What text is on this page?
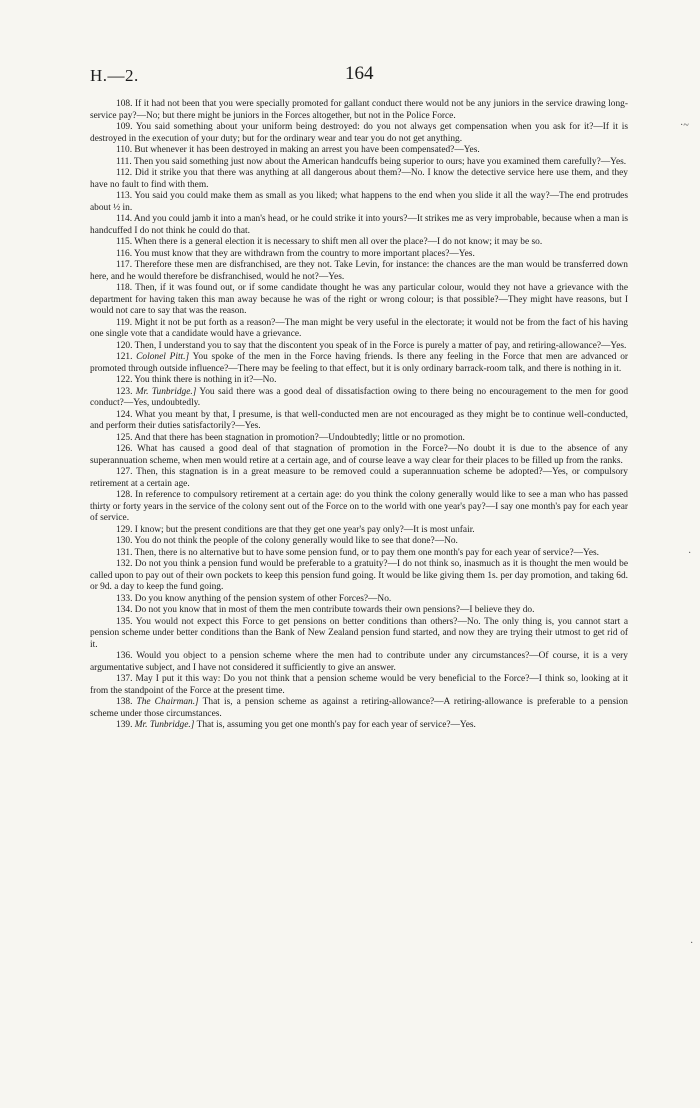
H.—2.	164

108. If it had not been that you were specially promoted for gallant conduct there would not be any juniors in the service drawing long-service pay?—No; but there might be juniors in the Forces altogether, but not in the Police Force.

109. You said something about your uniform being destroyed: do you not always get compensation when you ask for it?—If it is destroyed in the execution of your duty; but for the ordinary wear and tear you do not get anything.

110. But whenever it has been destroyed in making an arrest you have been compensated?—Yes.

111. Then you said something just now about the American handcuffs being superior to ours; have you examined them carefully?—Yes.

112. Did it strike you that there was anything at all dangerous about them?—No. I know the detective service here use them, and they have no fault to find with them.

113. You said you could make them as small as you liked; what happens to the end when you slide it all the way?—The end protrudes about ½ in.

114. And you could jamb it into a man's head, or he could strike it into yours?—It strikes me as very improbable, because when a man is handcuffed I do not think he could do that.

115. When there is a general election it is necessary to shift men all over the place?—I do not know; it may be so.

116. You must know that they are withdrawn from the country to more important places?—Yes.

117. Therefore these men are disfranchised, are they not. Take Levin, for instance: the chances are the man would be transferred down here, and he would therefore be disfranchised, would he not?—Yes.

118. Then, if it was found out, or if some candidate thought he was any particular colour, would they not have a grievance with the department for having taken this man away because he was of the right or wrong colour; is that possible?—They might have reasons, but I would not care to say that was the reason.

119. Might it not be put forth as a reason?—The man might be very useful in the electorate; it would not be from the fact of his having one single vote that a candidate would have a grievance.

120. Then, I understand you to say that the discontent you speak of in the Force is purely a matter of pay, and retiring-allowance?—Yes.

121. Colonel Pitt.] You spoke of the men in the Force having friends. Is there any feeling in the Force that men are advanced or promoted through outside influence?—There may be feeling to that effect, but it is only ordinary barrack-room talk, and there is nothing in it.

122. You think there is nothing in it?—No.

123. Mr. Tunbridge.] You said there was a good deal of dissatisfaction owing to there being no encouragement to the men for good conduct?—Yes, undoubtedly.

124. What you meant by that, I presume, is that well-conducted men are not encouraged as they might be to continue well-conducted, and perform their duties satisfactorily?—Yes.

125. And that there has been stagnation in promotion?—Undoubtedly; little or no promotion.

126. What has caused a good deal of that stagnation of promotion in the Force?—No doubt it is due to the absence of any superannuation scheme, when men would retire at a certain age, and of course leave a way clear for their places to be filled up from the ranks.

127. Then, this stagnation is in a great measure to be removed could a superannuation scheme be adopted?—Yes, or compulsory retirement at a certain age.

128. In reference to compulsory retirement at a certain age: do you think the colony generally would like to see a man who has passed thirty or forty years in the service of the colony sent out of the Force on to the world with one year's pay?—I say one month's pay for each year of service.

129. I know; but the present conditions are that they get one year's pay only?—It is most unfair.

130. You do not think the people of the colony generally would like to see that done?—No.

131. Then, there is no alternative but to have some pension fund, or to pay them one month's pay for each year of service?—Yes.

132. Do not you think a pension fund would be preferable to a gratuity?—I do not think so, inasmuch as it is thought the men would be called upon to pay out of their own pockets to keep this pension fund going. It would be like giving them 1s. per day promotion, and taking 6d. or 9d. a day to keep the fund going.

133. Do you know anything of the pension system of other Forces?—No.

134. Do not you know that in most of them the men contribute towards their own pensions?—I believe they do.

135. You would not expect this Force to get pensions on better conditions than others?—No. The only thing is, you cannot start a pension scheme under better conditions than the Bank of New Zealand pension fund started, and now they are trying their utmost to get rid of it.

136. Would you object to a pension scheme where the men had to contribute under any circumstances?—Of course, it is a very argumentative subject, and I have not considered it sufficiently to give an answer.

137. May I put it this way: Do you not think that a pension scheme would be very beneficial to the Force?—I think so, looking at it from the standpoint of the Force at the present time.

138. The Chairman.] That is, a pension scheme as against a retiring-allowance?—A retiring-allowance is preferable to a pension scheme under those circumstances.

139. Mr. Tunbridge.] That is, assuming you get one month's pay for each year of service?—Yes.

·~
·
·
